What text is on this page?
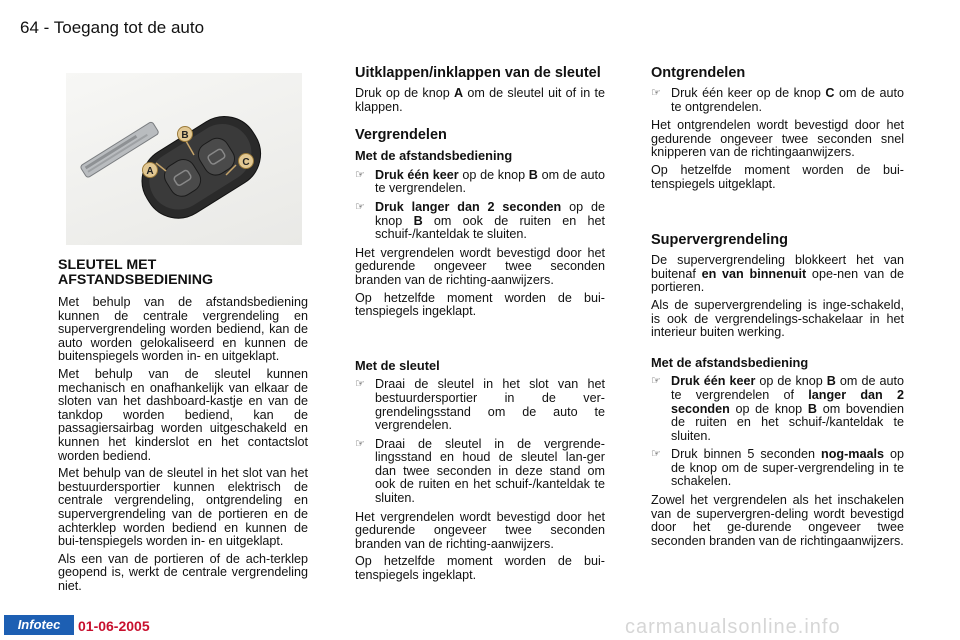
64 - Toegang tot de auto
B
A
C
SLEUTEL MET
AFSTANDSBEDIENING

Met behulp van de afstandsbediening kunnen de centrale vergrendeling en supervergrendeling worden bediend, kan de auto worden gelokaliseerd en kunnen de buitenspiegels worden in- en uitgeklapt.

Met behulp van de sleutel kunnen mechanisch en onafhankelijk van elkaar de sloten van het dashboard-kastje en van de tankdop worden bediend, kan de passagiersairbag worden uitgeschakeld en kunnen het kinderslot en het contactslot worden bediend.

Met behulp van de sleutel in het slot van het bestuurdersportier kunnen elektrisch de centrale vergrendeling, ontgrendeling en supervergrendeling van de portieren en de achterklep worden bediend en kunnen de bui-tenspiegels worden in- en uitgeklapt.

Als een van de portieren of de ach-terklep geopend is, werkt de centrale vergrendeling niet.

Uitklappen/inklappen van de sleutel

Druk op de knop A om de sleutel uit of in te klappen.

Vergrendelen
Met de afstandsbediening
☞ Druk één keer op de knop B om de auto te vergrendelen.
☞ Druk langer dan 2 seconden op de knop B om ook de ruiten en het schuif-/kanteldak te sluiten.

Het vergrendelen wordt bevestigd door het gedurende ongeveer twee seconden branden van de richting-aanwijzers.

Op hetzelfde moment worden de bui-tenspiegels ingeklapt.

Met de sleutel
☞ Draai de sleutel in het slot van het bestuurdersportier in de ver-grendelingsstand om de auto te vergrendelen.
☞ Draai de sleutel in de vergrende-lingsstand en houd de sleutel lan-ger dan twee seconden in deze stand om ook de ruiten en het schuif-/kanteldak te sluiten.

Het vergrendelen wordt bevestigd door het gedurende ongeveer twee seconden branden van de richting-aanwijzers.

Op hetzelfde moment worden de bui-tenspiegels ingeklapt.

Ontgrendelen
☞ Druk één keer op de knop C om de auto te ontgrendelen.

Het ontgrendelen wordt bevestigd door het gedurende ongeveer twee seconden snel knipperen van de richtingaanwijzers.

Op hetzelfde moment worden de bui-tenspiegels uitgeklapt.

Supervergrendeling

De supervergrendeling blokkeert het van buitenaf en van binnenuit ope-nen van de portieren.

Als de supervergrendeling is inge-schakeld, is ook de vergrendelings-schakelaar in het interieur buiten werking.

Met de afstandsbediening
☞ Druk één keer op de knop B om de auto te vergrendelen of langer dan 2 seconden op de knop B om bovendien de ruiten en het schuif-/kanteldak te sluiten.
☞ Druk binnen 5 seconden nog-maals op de knop om de super-vergrendeling in te schakelen.

Zowel het vergrendelen als het inschakelen van de supervergren-deling wordt bevestigd door het ge-durende ongeveer twee seconden branden van de richtingaanwijzers.

Infotec	01-06-2005	carmanualsonline.info
